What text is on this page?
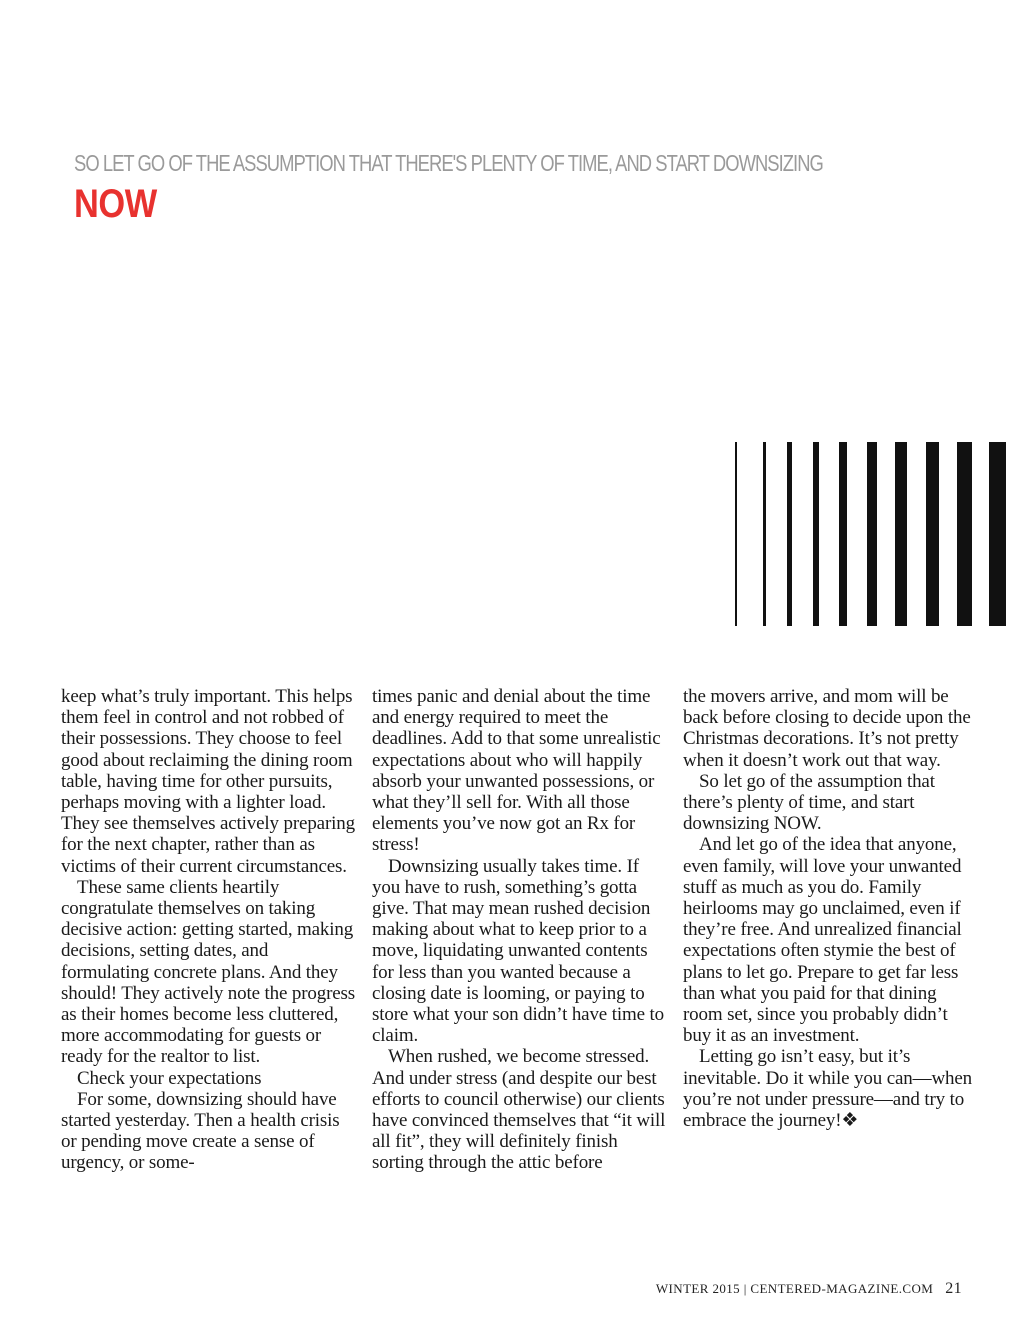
SO LET GO OF THE ASSUMPTION THAT THERE'S PLENTY OF TIME, AND START DOWNSIZING
NOW

keep what’s truly important. This helps them feel in control and not robbed of their possessions. They choose to feel good about reclaiming the dining room table, having time for other pursuits, perhaps moving with a lighter load. They see themselves actively preparing for the next chapter, rather than as victims of their current circumstances.

These same clients heartily congratulate themselves on taking decisive action: getting started, making decisions, setting dates, and formulating concrete plans. And they should! They actively note the progress as their homes become less cluttered, more accommodating for guests or ready for the realtor to list.

Check your expectations

For some, downsizing should have started yesterday. Then a health crisis or pending move create a sense of urgency, or some-

times panic and denial about the time and energy required to meet the deadlines. Add to that some unrealistic expectations about who will happily absorb your unwanted possessions, or what they’ll sell for. With all those elements you’ve now got an Rx for stress!

Downsizing usually takes time. If you have to rush, something’s gotta give. That may mean rushed decision making about what to keep prior to a move, liquidating unwanted contents for less than you wanted because a closing date is looming, or paying to store what your son didn’t have time to claim.

When rushed, we become stressed. And under stress (and despite our best efforts to council otherwise) our clients have convinced themselves that “it will all fit”, they will definitely finish sorting through the attic before

the movers arrive, and mom will be back before closing to decide upon the Christmas decorations. It’s not pretty when it doesn’t work out that way.

So let go of the assumption that there’s plenty of time, and start downsizing NOW.

And let go of the idea that anyone, even family, will love your unwanted stuff as much as you do. Family heirlooms may go unclaimed, even if they’re free. And unrealized financial expectations often stymie the best of plans to let go. Prepare to get far less than what you paid for that dining room set, since you probably didn’t buy it as an investment.

Letting go isn’t easy, but it’s inevitable. Do it while you can—when you’re not under pressure—and try to embrace the journey!❖

WINTER 2015 | CENTERED-MAGAZINE.COM 21
